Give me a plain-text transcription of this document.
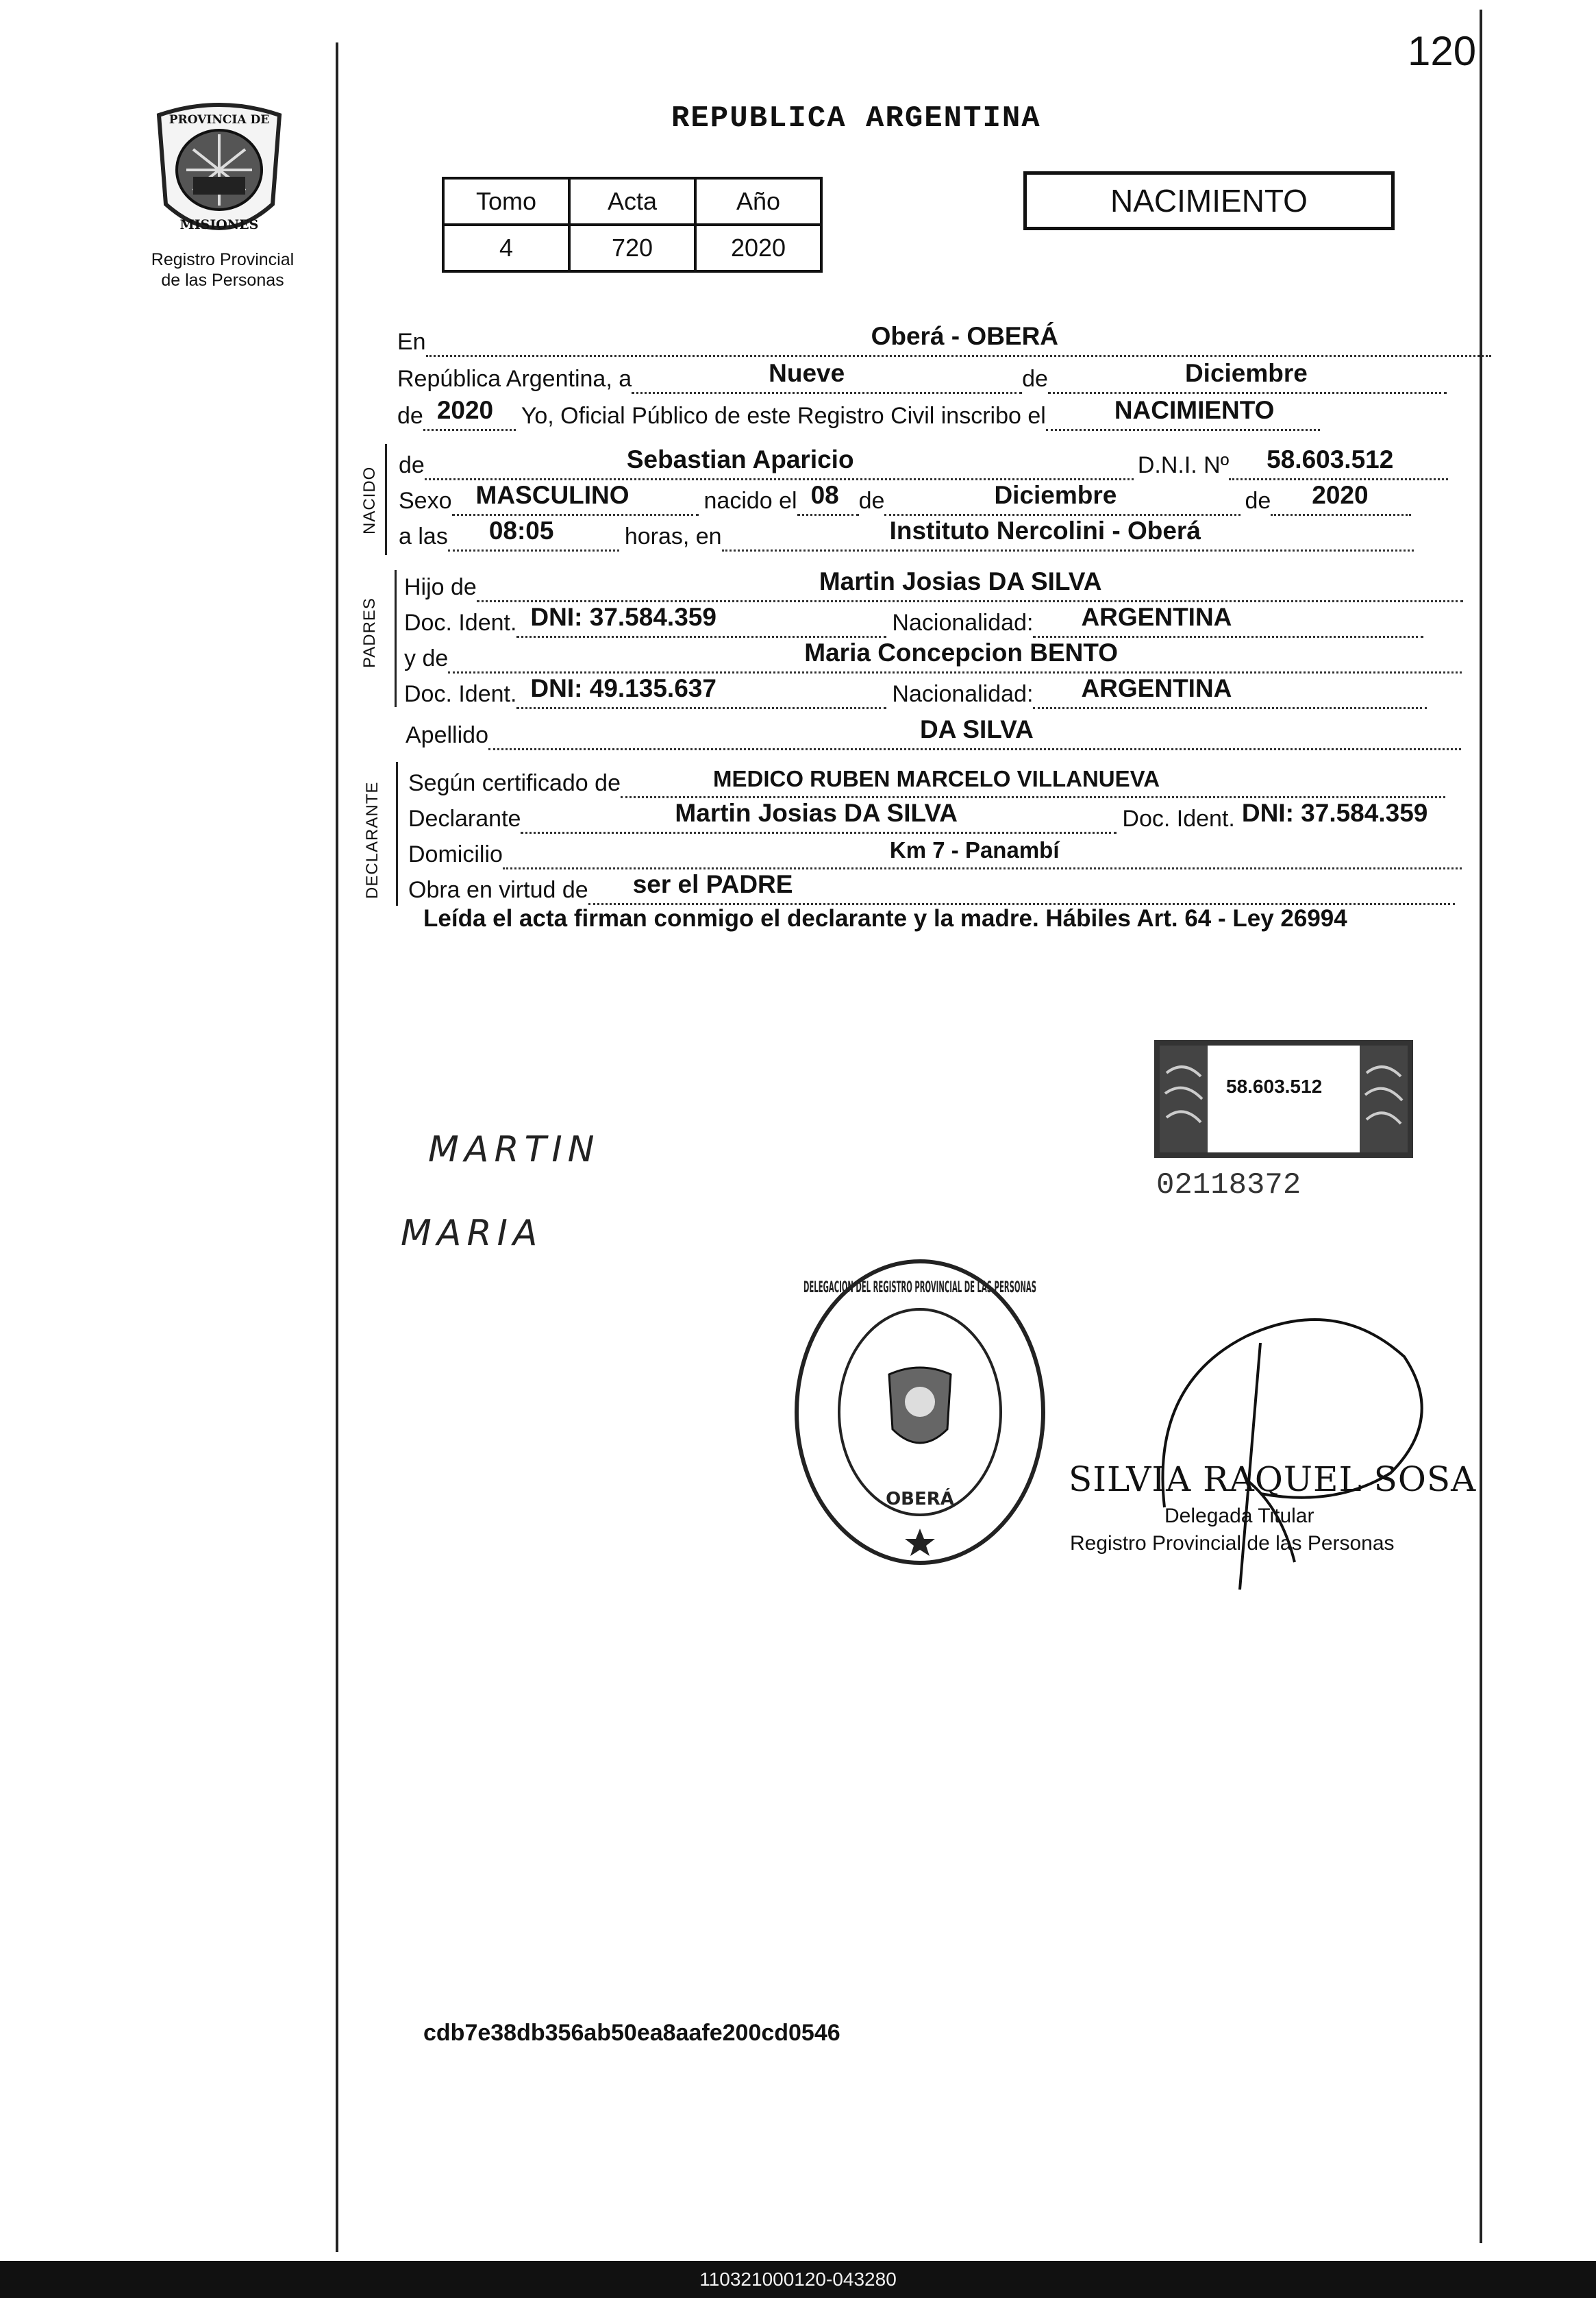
120
PROVINCIA DE
MISIONES
Registro Provincial
de las Personas
REPUBLICA ARGENTINA
Tomo	Acta	Año
4	720	2020
NACIMIENTO
En	Oberá - OBERÁ
República Argentina, a	Nueve	de	Diciembre
de 2020 Yo, Oficial Público de este Registro Civil inscribo el	NACIMIENTO
NACIDO
de	Sebastian Aparicio	D.N.I. Nº 58.603.512
Sexo MASCULINO	nacido el 08 de	Diciembre	de 2020
a las 08:05	horas, en	Instituto Nercolini - Oberá
PADRES
Hijo de	Martin Josias DA SILVA
Doc. Ident. DNI: 37.584.359	Nacionalidad: ARGENTINA
y de	Maria Concepcion BENTO
Doc. Ident. DNI: 49.135.637	Nacionalidad: ARGENTINA
Apellido	DA SILVA
DECLARANTE Según certificado de	MEDICO RUBEN MARCELO VILLANUEVA
Declarante	Martin Josias DA SILVA	Doc. Ident. DNI: 37.584.359
Domicilio	Km 7 - Panambí
Obra en virtud de ser el PADRE
Leída el acta firman conmigo el declarante y la madre. Hábiles Art. 64 - Ley 26994
58.603.512
02118372
MARTIN
MARIA
DELEGACION DEL REGISTRO PROVINCIAL DE LAS PERSONAS
OBERÁ	SILVIA RAQUEL SOSA
Delegada Titular
Registro Provincial de las Personas
cdb7e38db356ab50ea8aafe200cd0546
110321000120-043280
